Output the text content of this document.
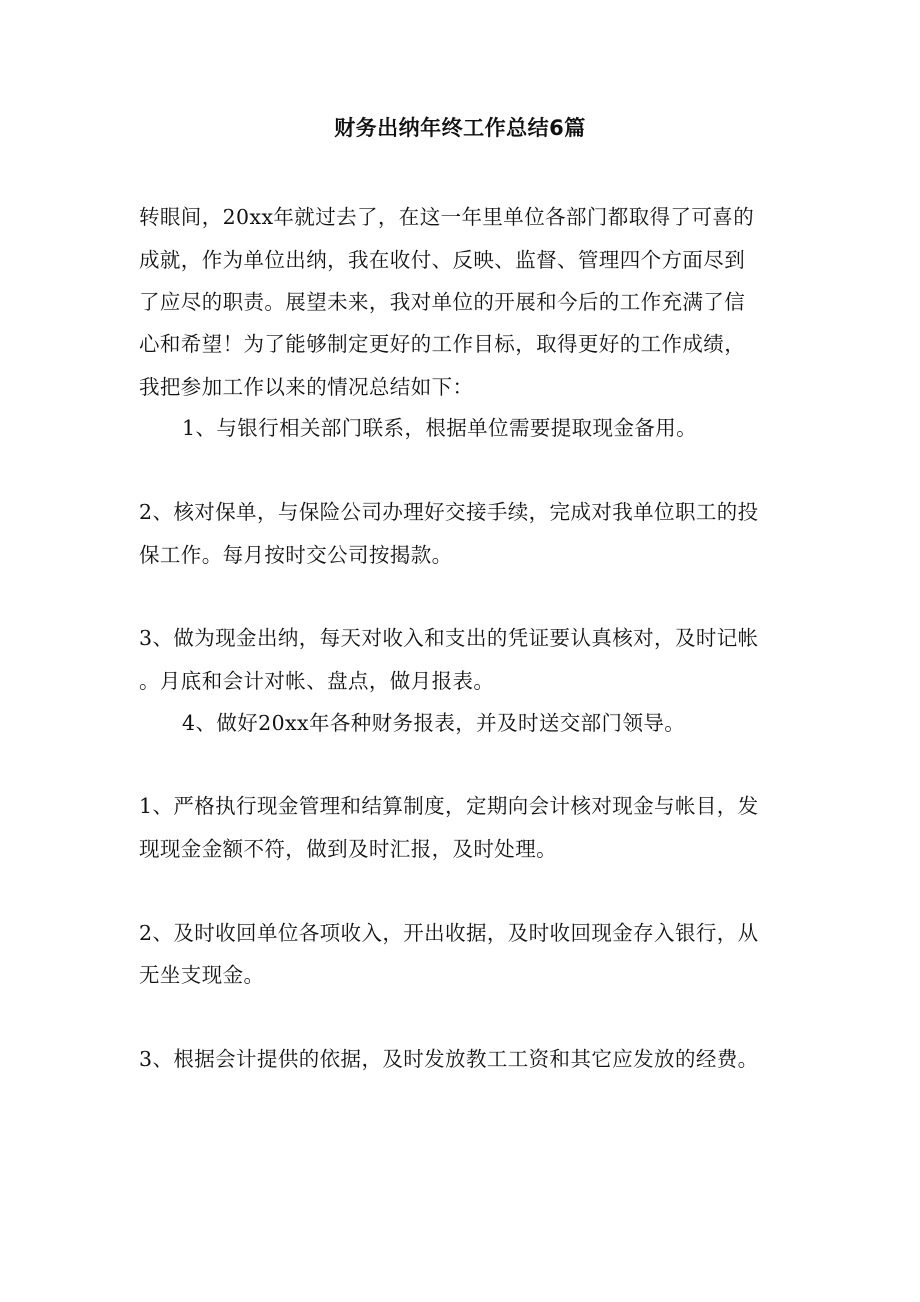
财务出纳年终工作总结6篇
转眼间，20xx年就过去了，在这一年里单位各部门都取得了可喜的
成就，作为单位出纳，我在收付、反映、监督、管理四个方面尽到
了应尽的职责。展望未来，我对单位的开展和今后的工作充满了信
心和希望！为了能够制定更好的工作目标，取得更好的工作成绩，
我把参加工作以来的情况总结如下：
1、与银行相关部门联系，根据单位需要提取现金备用。
2、核对保单，与保险公司办理好交接手续，完成对我单位职工的投
保工作。每月按时交公司按揭款。
3、做为现金出纳，每天对收入和支出的凭证要认真核对，及时记帐
。月底和会计对帐、盘点，做月报表。
4、做好20xx年各种财务报表，并及时送交部门领导。
1、严格执行现金管理和结算制度，定期向会计核对现金与帐目，发
现现金金额不符，做到及时汇报，及时处理。
2、及时收回单位各项收入，开出收据，及时收回现金存入银行，从
无坐支现金。
3、根据会计提供的依据，及时发放教工工资和其它应发放的经费。
